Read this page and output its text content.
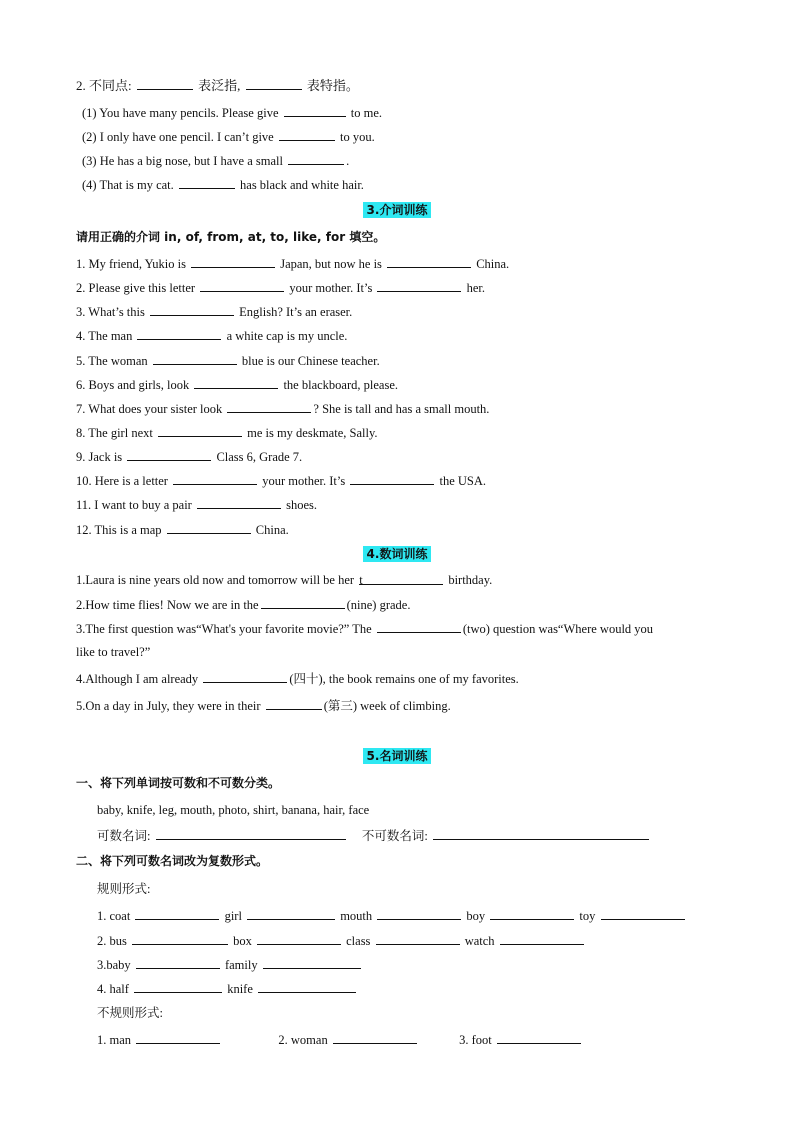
2. 不同点:	表泛指,	表特指。
(1) You have many pencils. Please give	to me.
(2) I only have one pencil. I can’t give	to you.
(3) He has a big nose, but I have a small	.
(4) That is my cat.	has black and white hair.
3.介词训练
请用正确的介词 in, of, from, at, to, like, for 填空。
1. My friend, Yukio is	Japan, but now he is	China.
2. Please give this letter	your mother. It’s	her.
3. What’s this	English? It’s an eraser.
4. The man	a white cap is my uncle.
5. The woman	blue is our Chinese teacher.
6. Boys and girls, look	the blackboard, please.
7. What does your sister look	? She is tall and has a small mouth.
8. The girl next	me is my deskmate, Sally.
9. Jack is	Class 6, Grade 7.
10. Here is a letter	your mother. It’s	the USA.
11. I want to buy a pair	shoes.
12. This is a map	China.
4.数词训练
1.Laura is nine years old now and tomorrow will be her t	birthday.
2.How time flies! Now we are in the	(nine) grade.
3.The first question was“What's your favorite movie?” The	(two) question was“Where would you
like to travel?”
4.Although I am already	(四十), the book remains one of my favorites.
5.On a day in July, they were in their	(第三) week of climbing.
5.名词训练
一、将下列单词按可数和不可数分类。
baby, knife, leg, mouth, photo, shirt, banana, hair, face
可数名词:	不可数名词:
二、将下列可数名词改为复数形式。
规则形式:
1. coat	girl	mouth	boy	toy
2. bus	box	class	watch
3.baby	family
4. half	knife
不规则形式:
1. man	2. woman	3. foot
